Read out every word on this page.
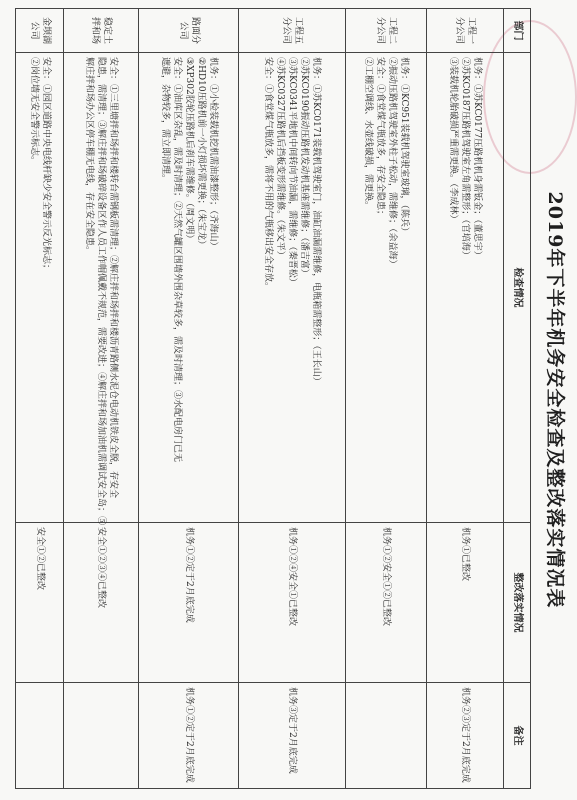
2019年下半年机务安全检查及整改落实情况表
部门	检查情况	整改落实情况	备注
工程一分公司	机务：①苏KC0177压路机机身需钣金；（董思宇）
②苏KC0187压路机驾驶室左角需整形；（官培海）
③装载机轮胎破损严重需更换。（李成林）	机务①已整改	机务②③定于2月底完成
工程二分公司	机务：①KC951装载机驾驶室玻璃，（陈兵）
②振动压路机驾驶室外柱子松动，需维修；（余益海）
安全：①食堂煤气瓶放多，存安全隐患；
②工棚空调线、水壶线破损，需更换。	机务①②安全①②已整改	
工程五分公司	机务：①苏KC0171装载机驾驶室门，油缸油漏需维修，电瓶箱需整形；（王长山）
②苏KC0190振动压路机发动机基座需维修；（潘吉富）
③苏KC0341平地机中间转向节油漏，需维修；（秦晋松）
④苏KC0327压路机后挡板变形需维修。（朱文平）
安全：①食堂煤气瓶放多，需将不用的气瓶移出安全存放。	机务①②④安全①已整改	机务③定于2月底完成
路面分公司	机务：①小检装载机挖机需油漆整形；（齐海山）
②HD10压路机前一小灯损坏需更换；（朱宝龙）
③XP302胶轮压路机后刹车需维修。（周文明）
安全：①油库区杂乱，需及时清理；②天然气罐区围墙外围杂草较多，需及时清理；③水配电房门已无
遮避，杂物较多，需立即清理。	机务①②定于2月底完成	机务①②定于2月底完成
稳定土拌和场	安全：①三里塘拌和场拌和楼转台需钢板需清理；②解庄拌和场拌和楼沥青路侧水泥仓电动机铁皮全脱，存安全
隐患，需清理；③解庄拌和场破碎设备区作人员工作帽佩戴不规范，需要改进；④解庄拌和场加油机需调试安全岛；⑤
解庄拌和场办公区停车棚无电线，存在安全隐患。	安全①②③④已整改	
金坝湖公司	安全：①园区道路中央电线杆缺少安全警示反光标志；
②岗位墙无安全警示标志。	安全①②已整改	
